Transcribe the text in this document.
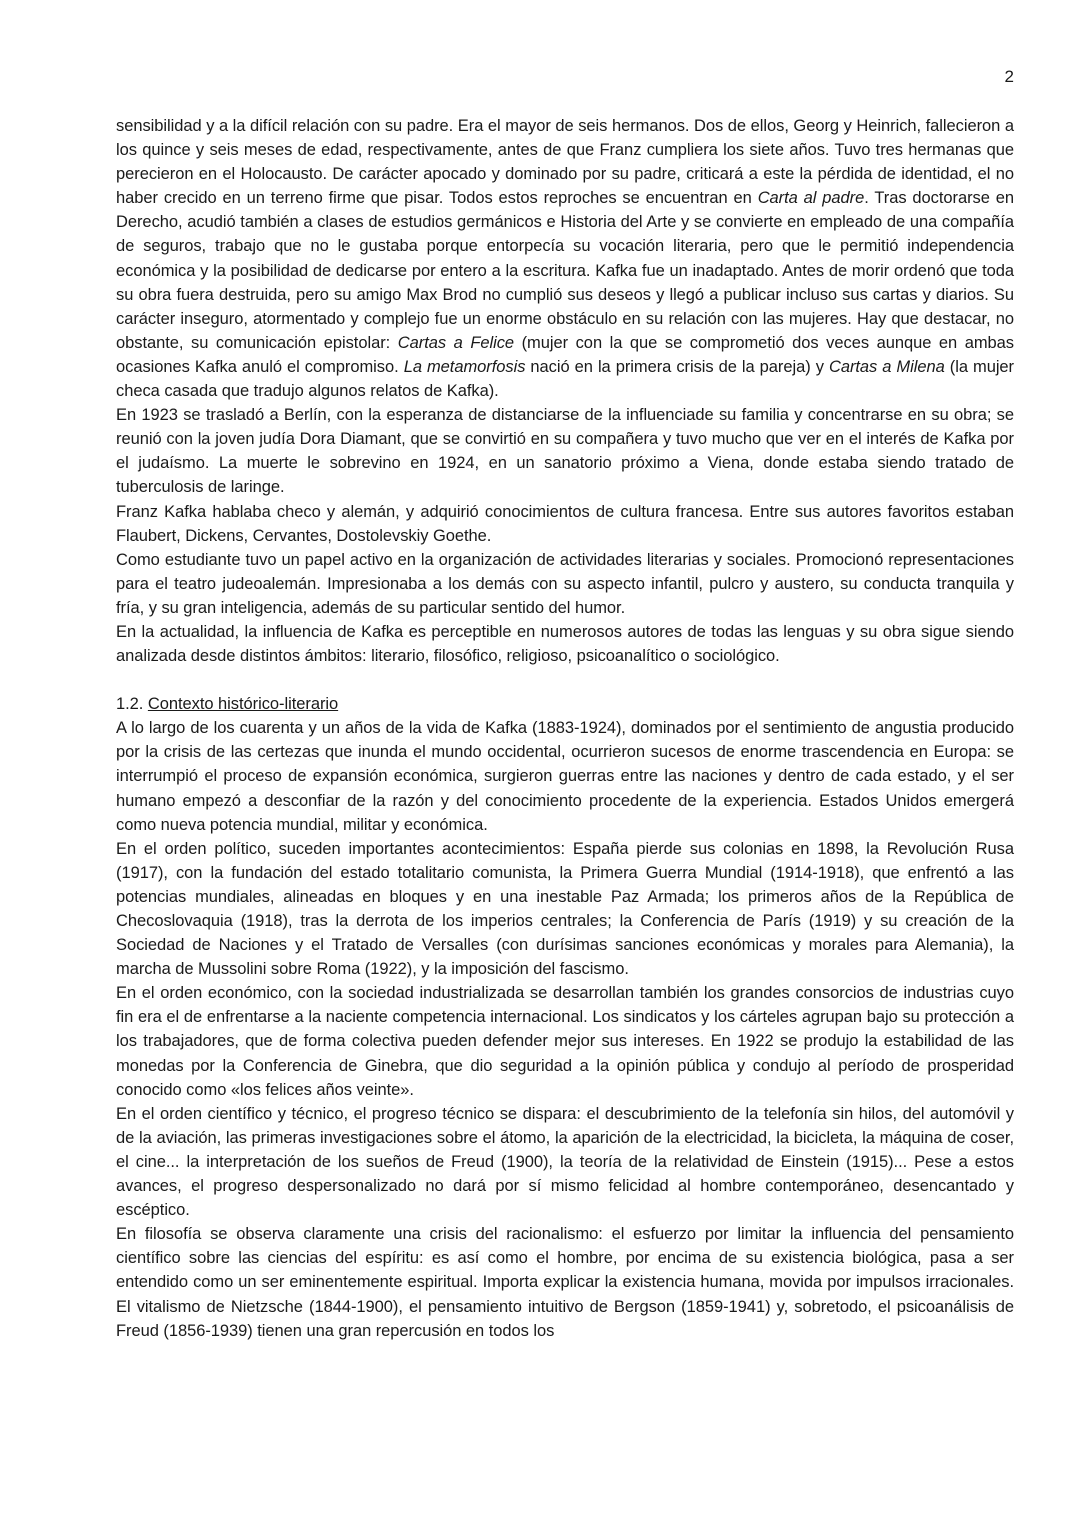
2

sensibilidad y a la difícil relación con su padre. Era el mayor de seis hermanos. Dos de ellos, Georg y Heinrich, fallecieron a los quince y seis meses de edad, respectivamente, antes de que Franz cumpliera los siete años. Tuvo tres hermanas que perecieron en el Holocausto. De carácter apocado y dominado por su padre, criticará a este la pérdida de identidad, el no haber crecido en un terreno firme que pisar. Todos estos reproches se encuentran en Carta al padre. Tras doctorarse en Derecho, acudió también a clases de estudios germánicos e Historia del Arte y se convierte en empleado de una compañía de seguros, trabajo que no le gustaba porque entorpecía su vocación literaria, pero que le permitió independencia económica y la posibilidad de dedicarse por entero a la escritura. Kafka fue un inadaptado. Antes de morir ordenó que toda su obra fuera destruida, pero su amigo Max Brod no cumplió sus deseos y llegó a publicar incluso sus cartas y diarios. Su carácter inseguro, atormentado y complejo fue un enorme obstáculo en su relación con las mujeres. Hay que destacar, no obstante, su comunicación epistolar: Cartas a Felice (mujer con la que se comprometió dos veces aunque en ambas ocasiones Kafka anuló el compromiso. La metamorfosis nació en la primera crisis de la pareja) y Cartas a Milena (la mujer checa casada que tradujo algunos relatos de Kafka).

En 1923 se trasladó a Berlín, con la esperanza de distanciarse de la influenciade su familia y concentrarse en su obra; se reunió con la joven judía Dora Diamant, que se convirtió en su compañera y tuvo mucho que ver en el interés de Kafka por el judaísmo. La muerte le sobrevino en 1924, en un sanatorio próximo a Viena, donde estaba siendo tratado de tuberculosis de laringe.

Franz Kafka hablaba checo y alemán, y adquirió conocimientos de cultura francesa. Entre sus autores favoritos estaban Flaubert, Dickens, Cervantes, Dostolevskiy Goethe.

Como estudiante tuvo un papel activo en la organización de actividades literarias y sociales. Promocionó representaciones para el teatro judeoalemán. Impresionaba a los demás con su aspecto infantil, pulcro y austero, su conducta tranquila y fría, y su gran inteligencia, además de su particular sentido del humor.

En la actualidad, la influencia de Kafka es perceptible en numerosos autores de todas las lenguas y su obra sigue siendo analizada desde distintos ámbitos: literario, filosófico, religioso, psicoanalítico o sociológico.

1.2. Contexto histórico-literario

A lo largo de los cuarenta y un años de la vida de Kafka (1883-1924), dominados por el sentimiento de angustia producido por la crisis de las certezas que inunda el mundo occidental, ocurrieron sucesos de enorme trascendencia en Europa: se interrumpió el proceso de expansión económica, surgieron guerras entre las naciones y dentro de cada estado, y el ser humano empezó a desconfiar de la razón y del conocimiento procedente de la experiencia. Estados Unidos emergerá como nueva potencia mundial, militar y económica.

En el orden político, suceden importantes acontecimientos: España pierde sus colonias en 1898, la Revolución Rusa (1917), con la fundación del estado totalitario comunista, la Primera Guerra Mundial (1914-1918), que enfrentó a las potencias mundiales, alineadas en bloques y en una inestable Paz Armada; los primeros años de la República de Checoslovaquia (1918), tras la derrota de los imperios centrales; la Conferencia de París (1919) y su creación de la Sociedad de Naciones y el Tratado de Versalles (con durísimas sanciones económicas y morales para Alemania), la marcha de Mussolini sobre Roma (1922), y la imposición del fascismo.

En el orden económico, con la sociedad industrializada se desarrollan también los grandes consorcios de industrias cuyo fin era el de enfrentarse a la naciente competencia internacional. Los sindicatos y los cárteles agrupan bajo su protección a los trabajadores, que de forma colectiva pueden defender mejor sus intereses. En 1922 se produjo la estabilidad de las monedas por la Conferencia de Ginebra, que dio seguridad a la opinión pública y condujo al período de prosperidad conocido como «los felices años veinte».

En el orden científico y técnico, el progreso técnico se dispara: el descubrimiento de la telefonía sin hilos, del automóvil y de la aviación, las primeras investigaciones sobre el átomo, la aparición de la electricidad, la bicicleta, la máquina de coser, el cine... la interpretación de los sueños de Freud (1900), la teoría de la relatividad de Einstein (1915)... Pese a estos avances, el progreso despersonalizado no dará por sí mismo felicidad al hombre contemporáneo, desencantado y escéptico.

En filosofía se observa claramente una crisis del racionalismo: el esfuerzo por limitar la influencia del pensamiento científico sobre las ciencias del espíritu: es así como el hombre, por encima de su existencia biológica, pasa a ser entendido como un ser eminentemente espiritual. Importa explicar la existencia humana, movida por impulsos irracionales. El vitalismo de Nietzsche (1844-1900), el pensamiento intuitivo de Bergson (1859-1941) y, sobretodo, el psicoanálisis de Freud (1856-1939) tienen una gran repercusión en todos los
